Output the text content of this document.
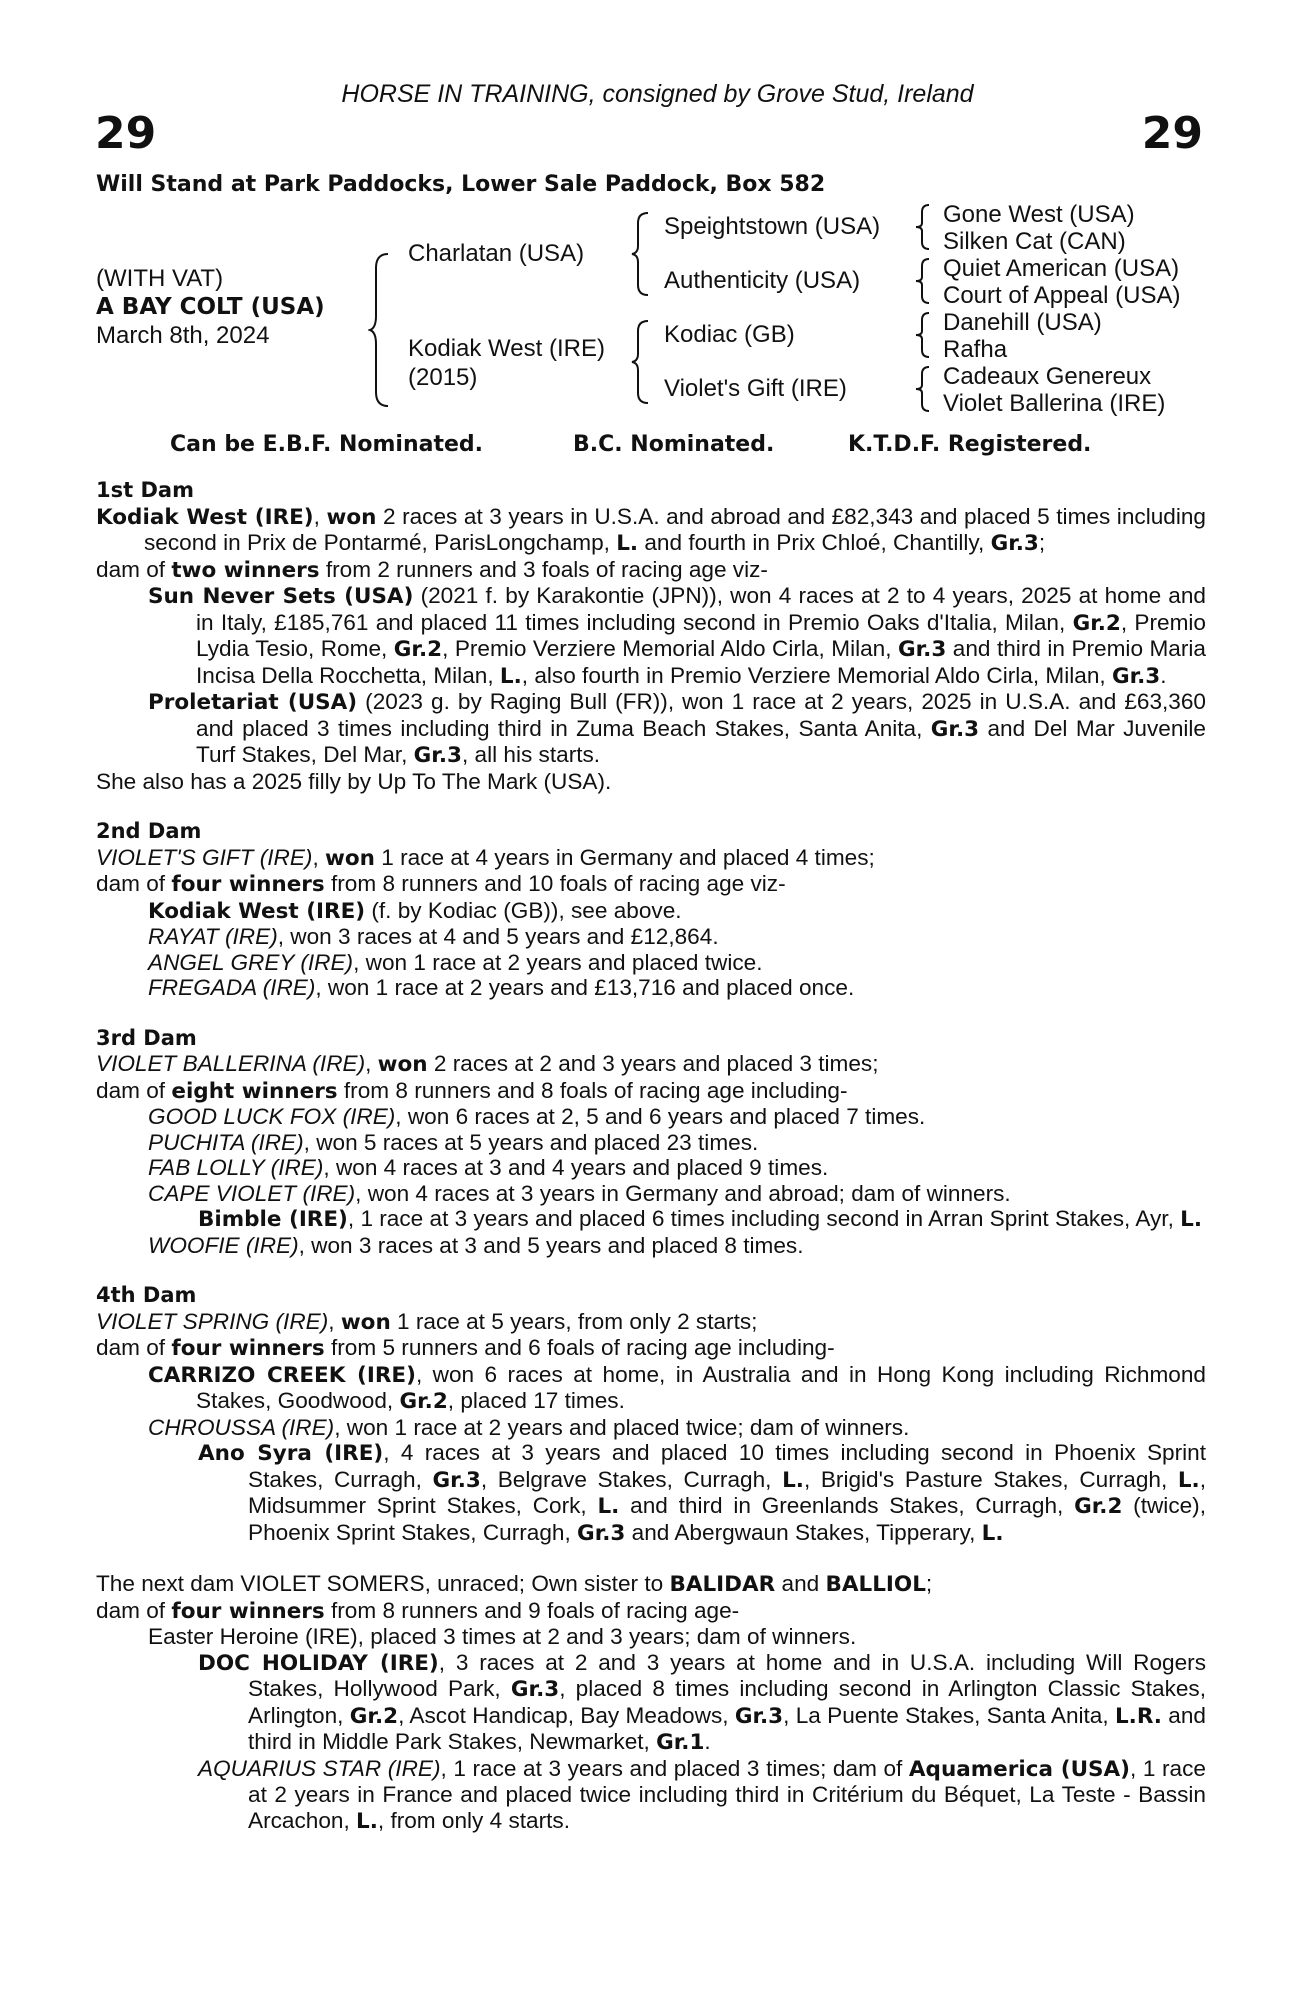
HORSE IN TRAINING, consigned by Grove Stud, Ireland
29	29
Will Stand at Park Paddocks, Lower Sale Paddock, Box 582
(WITH VAT)
A BAY COLT (USA)
March 8th, 2024
Charlatan (USA)
Kodiak West (IRE)
(2015)
Speightstown (USA)
Authenticity (USA)
Kodiac (GB)
Violet's Gift (IRE)
Gone West (USA)
Silken Cat (CAN)
Quiet American (USA)
Court of Appeal (USA)
Danehill (USA)
Rafha
Cadeaux Genereux
Violet Ballerina (IRE)
Can be E.B.F. Nominated.	B.C. Nominated.	K.T.D.F. Registered.
1st Dam
Kodiak West (IRE), won 2 races at 3 years in U.S.A. and abroad and £82,343 and placed 5 times including second in Prix de Pontarmé, ParisLongchamp, L. and fourth in Prix Chloé, Chantilly, Gr.3;
dam of two winners from 2 runners and 3 foals of racing age viz-
Sun Never Sets (USA) (2021 f. by Karakontie (JPN)), won 4 races at 2 to 4 years, 2025 at home and in Italy, £185,761 and placed 11 times including second in Premio Oaks d'Italia, Milan, Gr.2, Premio Lydia Tesio, Rome, Gr.2, Premio Verziere Memorial Aldo Cirla, Milan, Gr.3 and third in Premio Maria Incisa Della Rocchetta, Milan, L., also fourth in Premio Verziere Memorial Aldo Cirla, Milan, Gr.3.
Proletariat (USA) (2023 g. by Raging Bull (FR)), won 1 race at 2 years, 2025 in U.S.A. and £63,360 and placed 3 times including third in Zuma Beach Stakes, Santa Anita, Gr.3 and Del Mar Juvenile Turf Stakes, Del Mar, Gr.3, all his starts.
She also has a 2025 filly by Up To The Mark (USA).
2nd Dam
VIOLET'S GIFT (IRE), won 1 race at 4 years in Germany and placed 4 times;
dam of four winners from 8 runners and 10 foals of racing age viz-
Kodiak West (IRE) (f. by Kodiac (GB)), see above.
RAYAT (IRE), won 3 races at 4 and 5 years and £12,864.
ANGEL GREY (IRE), won 1 race at 2 years and placed twice.
FREGADA (IRE), won 1 race at 2 years and £13,716 and placed once.
3rd Dam
VIOLET BALLERINA (IRE), won 2 races at 2 and 3 years and placed 3 times;
dam of eight winners from 8 runners and 8 foals of racing age including-
GOOD LUCK FOX (IRE), won 6 races at 2, 5 and 6 years and placed 7 times.
PUCHITA (IRE), won 5 races at 5 years and placed 23 times.
FAB LOLLY (IRE), won 4 races at 3 and 4 years and placed 9 times.
CAPE VIOLET (IRE), won 4 races at 3 years in Germany and abroad; dam of winners.
Bimble (IRE), 1 race at 3 years and placed 6 times including second in Arran Sprint Stakes, Ayr, L.
WOOFIE (IRE), won 3 races at 3 and 5 years and placed 8 times.
4th Dam
VIOLET SPRING (IRE), won 1 race at 5 years, from only 2 starts;
dam of four winners from 5 runners and 6 foals of racing age including-
CARRIZO CREEK (IRE), won 6 races at home, in Australia and in Hong Kong including Richmond Stakes, Goodwood, Gr.2, placed 17 times.
CHROUSSA (IRE), won 1 race at 2 years and placed twice; dam of winners.
Ano Syra (IRE), 4 races at 3 years and placed 10 times including second in Phoenix Sprint Stakes, Curragh, Gr.3, Belgrave Stakes, Curragh, L., Brigid's Pasture Stakes, Curragh, L., Midsummer Sprint Stakes, Cork, L. and third in Greenlands Stakes, Curragh, Gr.2 (twice), Phoenix Sprint Stakes, Curragh, Gr.3 and Abergwaun Stakes, Tipperary, L.
The next dam VIOLET SOMERS, unraced; Own sister to BALIDAR and BALLIOL;
dam of four winners from 8 runners and 9 foals of racing age-
Easter Heroine (IRE), placed 3 times at 2 and 3 years; dam of winners.
DOC HOLIDAY (IRE), 3 races at 2 and 3 years at home and in U.S.A. including Will Rogers Stakes, Hollywood Park, Gr.3, placed 8 times including second in Arlington Classic Stakes, Arlington, Gr.2, Ascot Handicap, Bay Meadows, Gr.3, La Puente Stakes, Santa Anita, L.R. and third in Middle Park Stakes, Newmarket, Gr.1.
AQUARIUS STAR (IRE), 1 race at 3 years and placed 3 times; dam of Aquamerica (USA), 1 race at 2 years in France and placed twice including third in Critérium du Béquet, La Teste - Bassin Arcachon, L., from only 4 starts.
